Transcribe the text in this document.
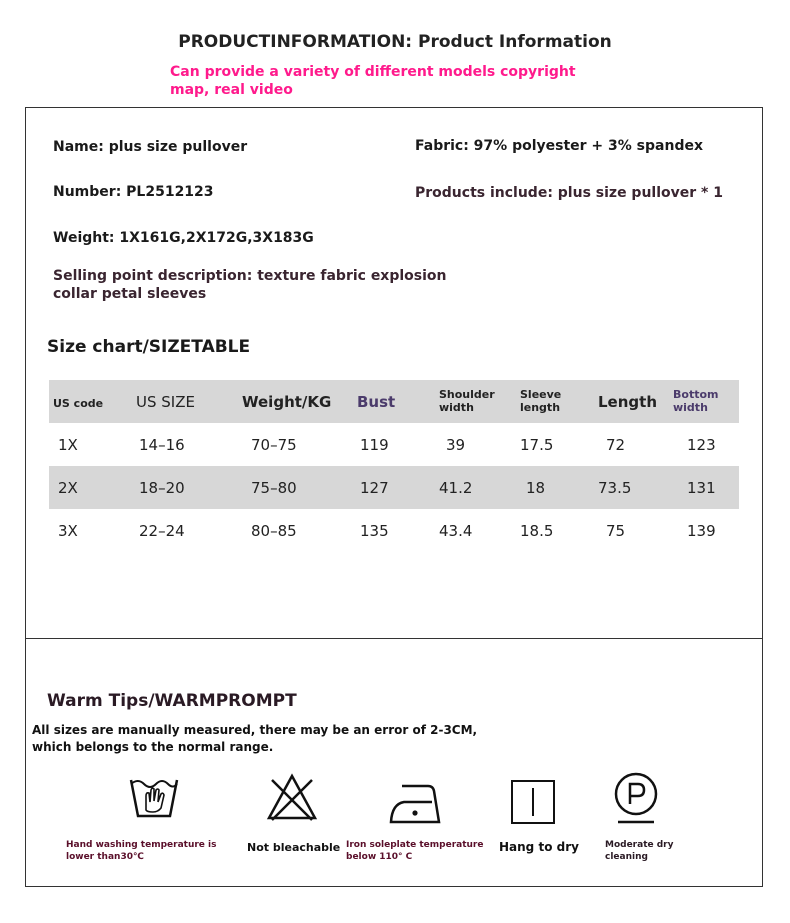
PRODUCTINFORMATION: Product Information
Can provide a variety of different models copyright map, real video
Name: plus size pullover	Fabric: 97% polyester + 3% spandex
Number: PL2512123	Products include: plus size pullover * 1
Weight: 1X161G,2X172G,3X183G
Selling point description: texture fabric explosion collar petal sleeves
Size chart/SIZETABLE
US code	US SIZE	Weight/KG	Bust	Shoulder width	Sleeve length	Length	Bottom width
1X	14–16	70–75	119	39	17.5	72	123
2X	18–20	75–80	127	41.2	18	73.5	131
3X	22–24	80–85	135	43.4	18.5	75	139
Warm Tips/WARMPROMPT
All sizes are manually measured, there may be an error of 2-3CM, which belongs to the normal range.
Hand washing temperature is lower than30℃
Not bleachable Iron soleplate temperature below 110° C
Hang to dry	Moderate dry cleaning
